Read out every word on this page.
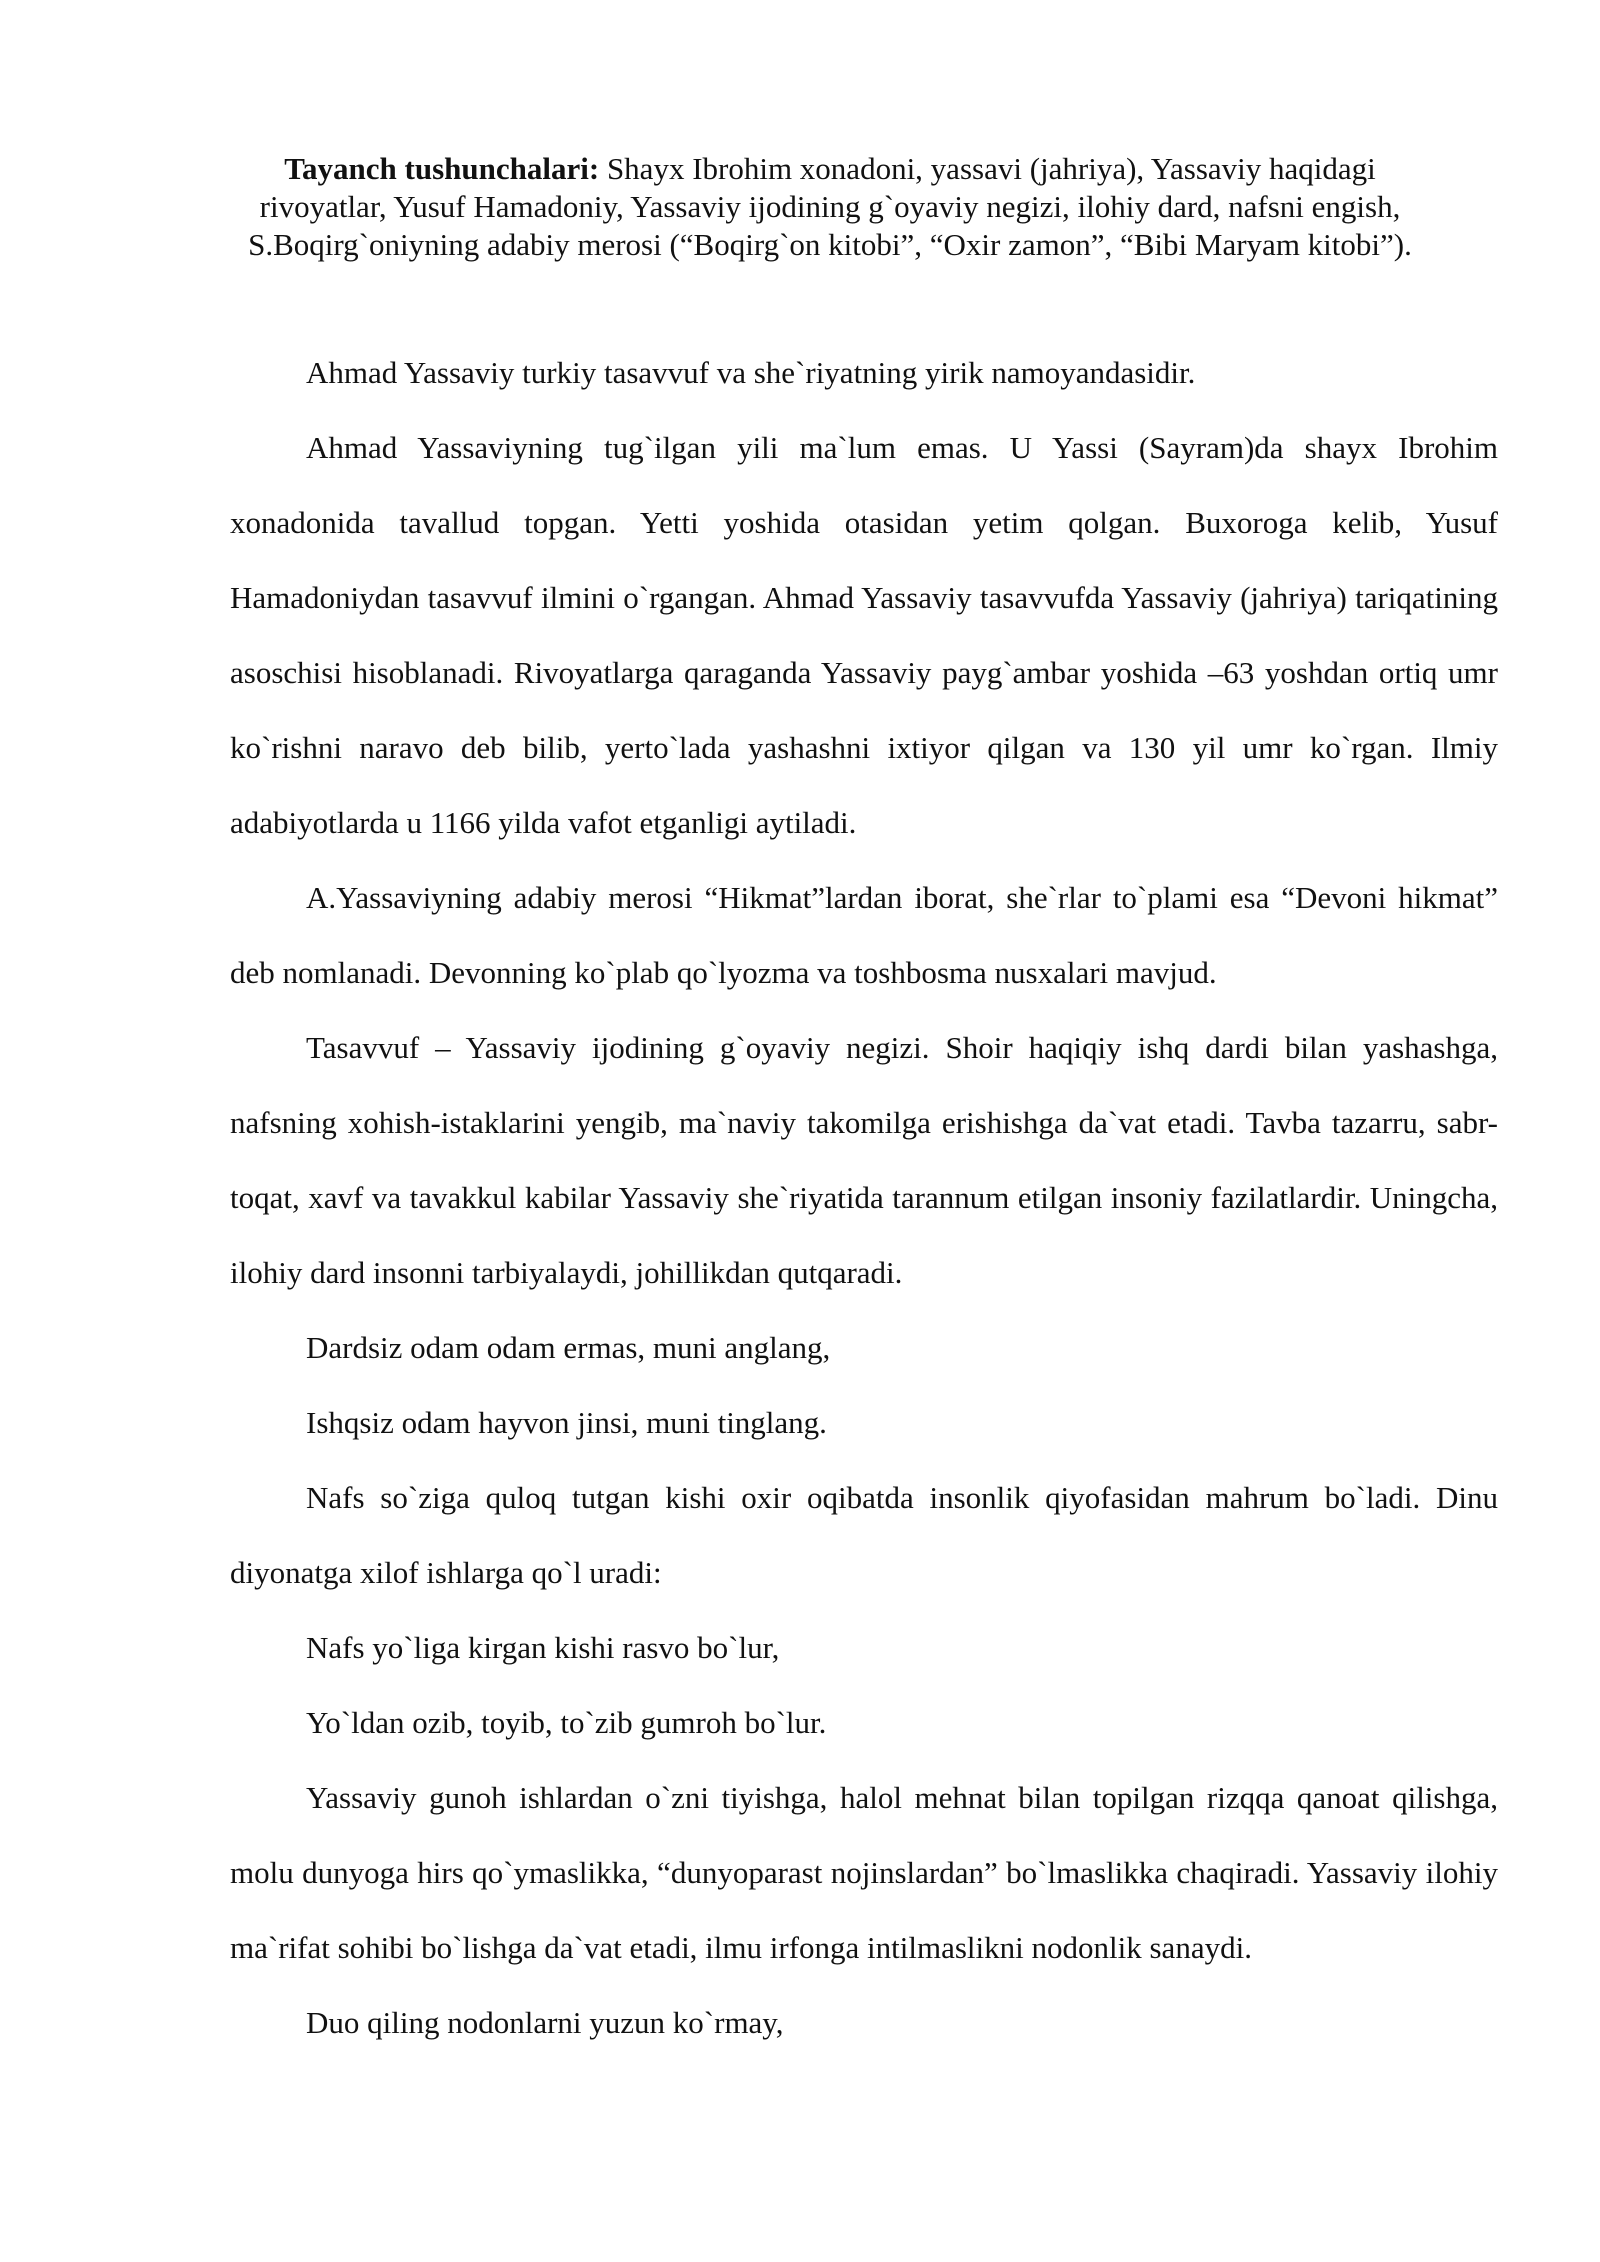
Tayanch tushunchalari: Shayx Ibrohim xonadoni, yassavi (jahriya), Yassaviy haqidagi rivoyatlar, Yusuf Hamadoniy, Yassaviy ijodining g`oyaviy negizi, ilohiy dard, nafsni engish, S.Boqirg`oniyning adabiy merosi (“Boqirg`on kitobi”, “Oxir zamon”, “Bibi Maryam kitobi”).

Ahmad Yassaviy turkiy tasavvuf va she`riyatning yirik namoyandasidir.

Ahmad Yassaviyning tug`ilgan yili ma`lum emas. U Yassi (Sayram)da shayx Ibrohim xonadonida tavallud topgan. Yetti yoshida otasidan yetim qolgan. Buxoroga kelib, Yusuf Hamadoniydan tasavvuf ilmini o`rgangan. Ahmad Yassaviy tasavvufda Yassaviy (jahriya) tariqatining asoschisi hisoblanadi. Rivoyatlarga qaraganda Yassaviy payg`ambar yoshida –63 yoshdan ortiq umr ko`rishni naravo deb bilib, yerto`lada yashashni ixtiyor qilgan va 130 yil umr ko`rgan. Ilmiy adabiyotlarda u 1166 yilda vafot etganligi aytiladi.

A.Yassaviyning adabiy merosi “Hikmat”lardan iborat, she`rlar to`plami esa “Devoni hikmat” deb nomlanadi. Devonning ko`plab qo`lyozma va toshbosma nusxalari mavjud.

Tasavvuf – Yassaviy ijodining g`oyaviy negizi. Shoir haqiqiy ishq dardi bilan yashashga, nafsning xohish-istaklarini yengib, ma`naviy takomilga erishishga da`vat etadi. Tavba tazarru, sabr-toqat, xavf va tavakkul kabilar Yassaviy she`riyatida tarannum etilgan insoniy fazilatlardir. Uningcha, ilohiy dard insonni tarbiyalaydi, johillikdan qutqaradi.

Dardsiz odam odam ermas, muni anglang,

Ishqsiz odam hayvon jinsi, muni tinglang.

Nafs so`ziga quloq tutgan kishi oxir oqibatda insonlik qiyofasidan mahrum bo`ladi. Dinu diyonatga xilof ishlarga qo`l uradi:

Nafs yo`liga kirgan kishi rasvo bo`lur,

Yo`ldan ozib, toyib, to`zib gumroh bo`lur.

Yassaviy gunoh ishlardan o`zni tiyishga, halol mehnat bilan topilgan rizqqa qanoat qilishga, molu dunyoga hirs qo`ymaslikka, “dunyoparast nojinslardan” bo`lmaslikka chaqiradi. Yassaviy ilohiy ma`rifat sohibi bo`lishga da`vat etadi, ilmu irfonga intilmaslikni nodonlik sanaydi.

Duo qiling nodonlarni yuzun ko`rmay,
